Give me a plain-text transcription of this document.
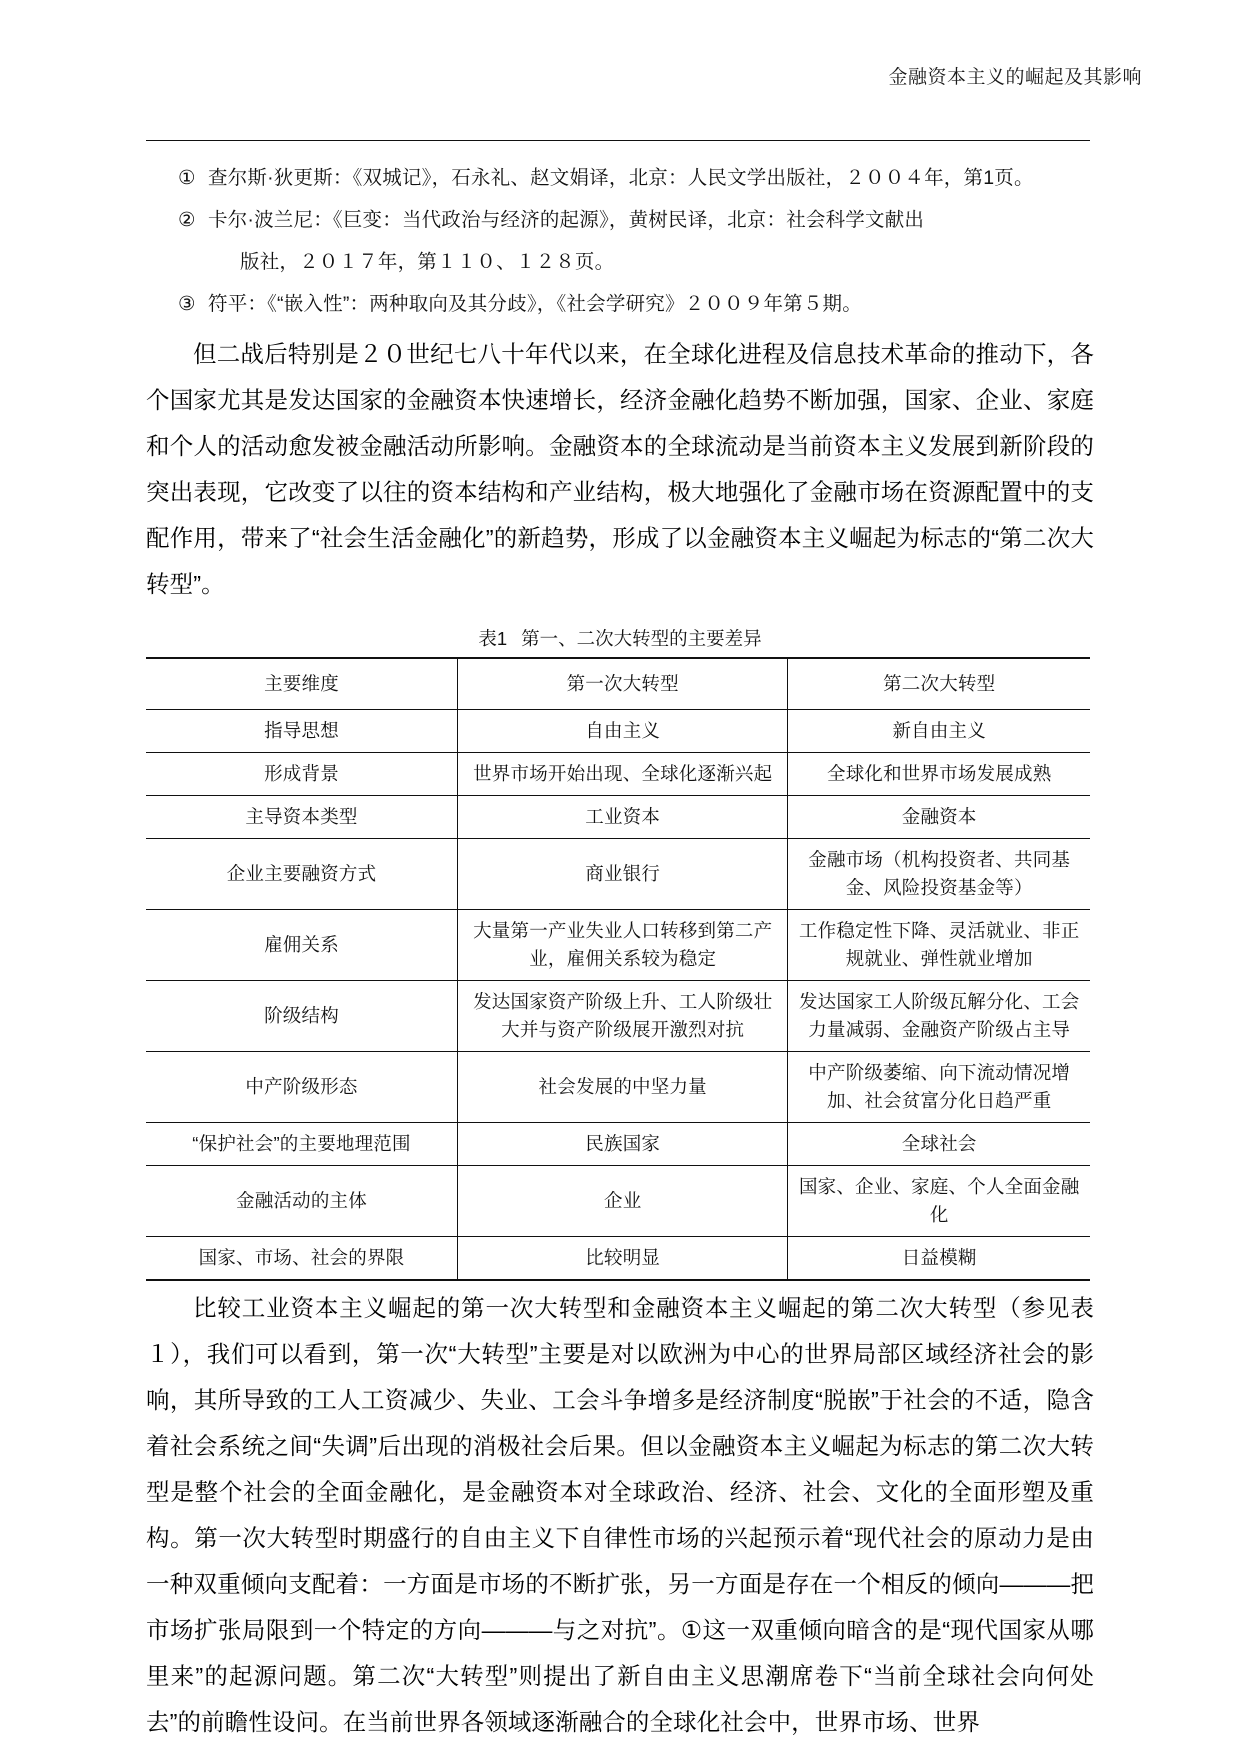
金融资本主义的崛起及其影响
① 查尔斯·狄更斯：《双城记》，石永礼、赵文娟译，北京：人民文学出版社，２００４年，第1页。
② 卡尔·波兰尼：《巨变：当代政治与经济的起源》，黄树民译，北京：社会科学文献出
版社，２０１７年，第１１０、１２８页。
③ 符平：《“嵌入性”：两种取向及其分歧》，《社会学研究》２００９年第５期。

但二战后特别是２０世纪七八十年代以来，在全球化进程及信息技术革命的推动下，各个国家尤其是发达国家的金融资本快速增长，经济金融化趋势不断加强，国家、企业、家庭和个人的活动愈发被金融活动所影响。金融资本的全球流动是当前资本主义发展到新阶段的突出表现，它改变了以往的资本结构和产业结构，极大地强化了金融市场在资源配置中的支配作用，带来了“社会生活金融化”的新趋势，形成了以金融资本主义崛起为标志的“第二次大转型”。

表1 第一、二次大转型的主要差异
主要维度	第一次大转型	第二次大转型
指导思想	自由主义	新自由主义
形成背景	世界市场开始出现、全球化逐渐兴起	全球化和世界市场发展成熟
主导资本类型	工业资本	金融资本
企业主要融资方式	商业银行	金融市场（机构投资者、共同基金、风险投资基金等）
雇佣关系	大量第一产业失业人口转移到第二产业，雇佣关系较为稳定	工作稳定性下降、灵活就业、非正规就业、弹性就业增加
阶级结构	发达国家资产阶级上升、工人阶级壮大并与资产阶级展开激烈对抗	发达国家工人阶级瓦解分化、工会力量减弱、金融资产阶级占主导
中产阶级形态	社会发展的中坚力量	中产阶级萎缩、向下流动情况增加、社会贫富分化日趋严重
“保护社会”的主要地理范围	民族国家	全球社会
金融活动的主体	企业	国家、企业、家庭、个人全面金融化
国家、市场、社会的界限	比较明显	日益模糊

比较工业资本主义崛起的第一次大转型和金融资本主义崛起的第二次大转型（参见表１），我们可以看到，第一次“大转型”主要是对以欧洲为中心的世界局部区域经济社会的影响，其所导致的工人工资减少、失业、工会斗争增多是经济制度“脱嵌”于社会的不适，隐含着社会系统之间“失调”后出现的消极社会后果。但以金融资本主义崛起为标志的第二次大转型是整个社会的全面金融化，是金融资本对全球政治、经济、社会、文化的全面形塑及重构。第一次大转型时期盛行的自由主义下自律性市场的兴起预示着“现代社会的原动力是由一种双重倾向支配着：一方面是市场的不断扩张，另一方面是存在一个相反的倾向———把市场扩张局限到一个特定的方向———与之对抗”。①这一双重倾向暗含的是“现代国家从哪里来”的起源问题。第二次“大转型”则提出了新自由主义思潮席卷下“当前全球社会向何处去”的前瞻性设问。在当前世界各领域逐渐融合的全球化社会中，世界市场、世界
